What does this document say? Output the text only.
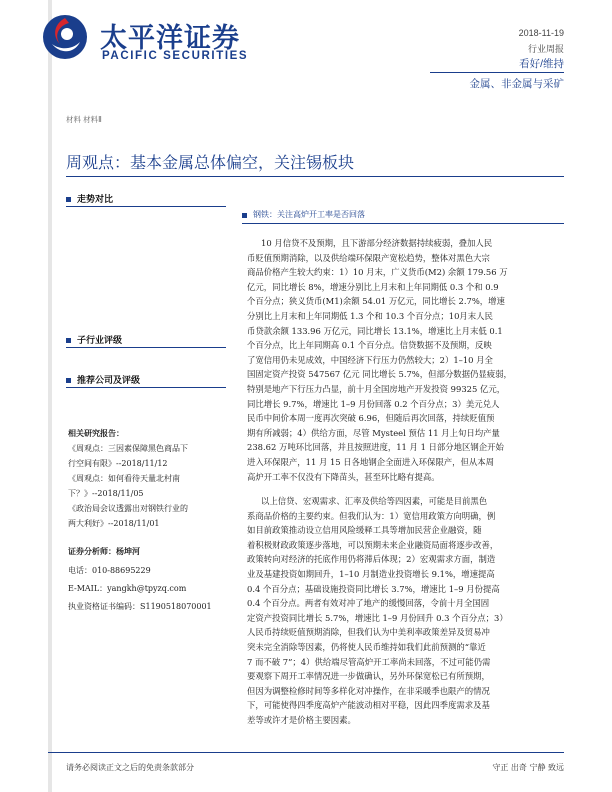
太平洋证券
PACIFIC SECURITIES
2018-11-19
行业周报
看好/维持
金属、非金属与采矿
材料 材料Ⅱ
周观点：基本金属总体偏空，关注锡板块
走势对比
子行业评级
推荐公司及评级
相关研究报告：
《周观点：三因素保障黑色商品下
行空间有限》--2018/11/12
《周观点：如何看待天量北村南
下？》--2018/11/05
《政治局会议透露出对钢铁行业的
两大利好》--2018/11/01
证券分析师：杨坤河
电话：010-88695229
E-MAIL：yangkh@tpyzq.com
执业资格证书编码：S1190518070001
钢铁：关注高炉开工率是否回落
10 月信贷不及预期，且下游部分经济数据持续疲弱，叠加人民
币贬值预期消除，以及供给端环保限产宽松趋势，整体对黑色大宗
商品价格产生较大约束：1）10 月末，广义货币(M2) 余额 179.56 万
亿元，同比增长 8%，增速分别比上月末和上年同期低 0.3 个和 0.9
个百分点；狭义货币(M1)余额 54.01 万亿元，同比增长 2.7%，增速
分别比上月末和上年同期低 1.3 个和 10.3 个百分点；10月末人民
币贷款余额 133.96 万亿元，同比增长 13.1%，增速比上月末低 0.1
个百分点，比上年同期高 0.1 个百分点。信贷数据不及预期，反映
了宽信用仍未见成效，中国经济下行压力仍然较大；2）1–10 月全
国固定资产投资 547567 亿元 同比增长 5.7%，但部分数据仍显疲弱，
特别是地产下行压力凸显，前十月全国房地产开发投资 99325 亿元，
同比增长 9.7%，增速比 1–9 月份回落 0.2 个百分点；3）美元兑人
民币中间价本周一度再次突破 6.96，但随后再次回落，持续贬值预
期有所减弱；4）供给方面，尽管 Mysteel 预估 11 月上旬日均产量
238.62 万吨环比回落，并且按照进度，11 月 1 日部分地区钢企开始
进入环保限产，11 月 15 日各地钢企全面进入环保限产，但从本周
高炉开工率不仅没有下降苗头，甚至环比略有提高。
以上信贷、宏观需求、汇率及供给等四因素，可能是目前黑色
系商品价格的主要约束。但我们认为：1）宽信用政策方向明确，例
如目前政策推动设立信用风险缓释工具等增加民营企业融资，随
着积极财政政策逐步落地，可以预期未来企业融资局面将逐步改善，
政策转向对经济的托底作用仍将滞后体现；2）宏观需求方面，制造
业及基建投资如期回升，1–10 月制造业投资增长 9.1%，增速提高
0.4 个百分点；基础设施投资同比增长 3.7%，增速比 1–9 月份提高
0.4 个百分点。两者有效对冲了地产的缓慢回落，令前十月全国固
定资产投资同比增长 5.7%，增速比 1–9 月份回升 0.3 个百分点；3）
人民币持续贬值预期消除，但我们认为中美利率政策差异及贸易冲
突未完全消除等因素，仍将使人民币维持如我们此前预测的“靠近
7 而不破 7”；4）供给端尽管高炉开工率尚未回落，不过可能仍需
要观察下周开工率情况进一步做确认，另外环保宽松已有所预期，
但因为调整检修时间等多样化对冲操作，在非采暖季也限产的情况
下，可能使得四季度高炉产能波动相对平稳，因此四季度需求及基
差等或许才是价格主要因素。
请务必阅读正文之后的免责条款部分	守正 出奇 宁静 致远
